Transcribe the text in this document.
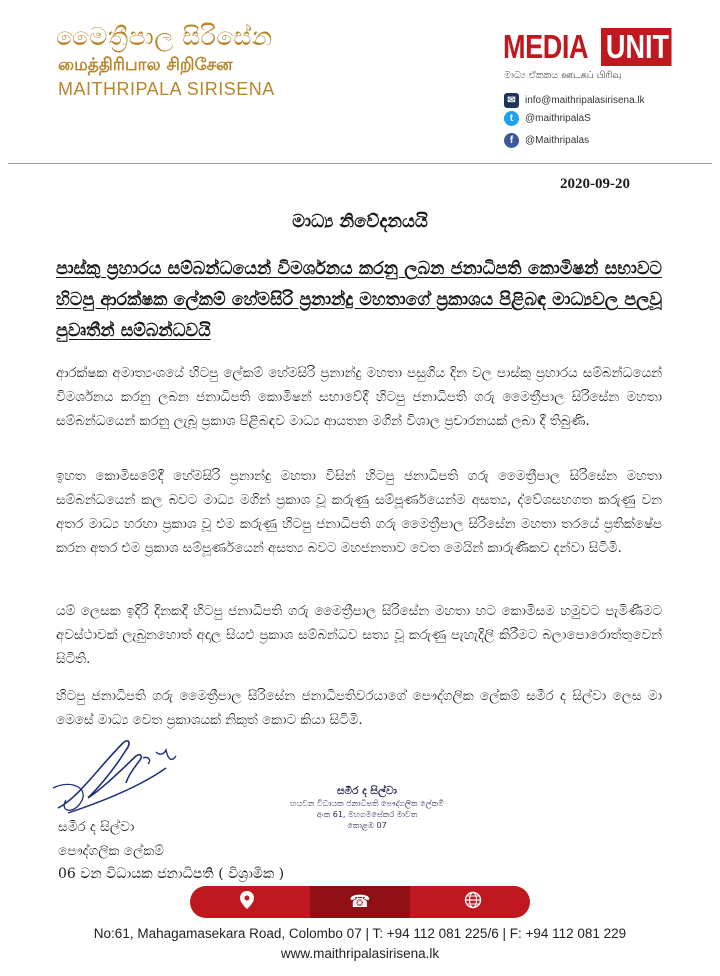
මෛත්‍රීපාල සිරිසේන
மைத்திரிபால சிறிசேன
MAITHRIPALA SIRISENA
MEDIA UNIT
මාධ්‍ය ඒකකය ஊடகப் பிரிவு
✉ info@maithripalasirisena.lk
t	@maithripalaS
f	@Maithripalas
2020-09-20
මාධ්‍ය නිවේදනයයි
පාස්කු ප්‍රහාරය සම්බන්ධයෙන් විමර්ශනය කරනු ලබන ජනාධිපති කොමිෂන් සභාවට හිටපු ආරක්ෂක ලේකම් හේමසිරි ප්‍රනාන්දු මහතාගේ ප්‍රකාශය පිළිබඳ මාධ්‍යවල පලවූ පුවෘතීන් සම්බන්ධවයි
ආරක්ෂක අමාත්‍යංශයේ හිටපු ලේකම් හේමසිරි ප්‍රනාන්දු මහතා පසුගිය දින වල පාස්කු ප්‍රහාරය සම්බන්ධයෙන් විමර්ශනය කරනු ලබන ජනාධිපති කොමිෂන් සභාවේදී හිටපු ජනාධිපති ගරු මෛත්‍රීපාල සිරිසේන මහතා සම්බන්ධයෙන් කරනු ලැබූ ප්‍රකාශ පිළිබඳව මාධ්‍ය ආයතන මගින් විශාල ප්‍රචාරනයක් ලබා දී තිබුණි.
ඉහත කොමිසමේදී හේමසිරි ප්‍රනාන්දු මහතා විසින් හිටපු ජනාධිපති ගරු මෛත්‍රීපාල සිරිසේන මහතා සම්බන්ධයෙන් කල බවට මාධ්‍ය මගින් ප්‍රකාශ වූ කරුණු සම්පූර්ණයෙන්ම අසත්‍ය, ද්වේශසහගත කරුණු වන අතර මාධ්‍ය හරහා ප්‍රකාශ වූ එම කරුණු හිටපු ජනාධිපති ගරු මෛත්‍රීපාල සිරිසේන මහතා තරයේ ප්‍රතික්ෂේප කරන අතර එම ප්‍රකාශ සම්පූර්ණයෙන් අසත්‍ය බවට මහජනතාව වෙත මෙයින් කාරුණිකව දන්වා සිටිමි.
යම් ලෙසක ඉදිරි දිනකදී හිටපු ජනාධිපති ගරු මෛත්‍රීපාල සිරිසේන මහතා හට කොමිසම හමුවට පැමිණීමට අවස්ථාවක් ලැබුනහොත් අදාල සියළු ප්‍රකාශ සම්බන්ධව සත්‍ය වූ කරුණු පැහැදිලි කිරීමට බලාපොරොත්තුවෙන් සිටිති.
හිටපු ජනාධිපති ගරු මෛත්‍රීපාල සිරිසේන ජනාධිපතිවරයාගේ පෞද්ගලික ලේකම් සමීර ද සිල්වා ලෙස මා මෙසේ මාධ්‍ය වෙත ප්‍රකාශයක් නිකුත් කොට කියා සිටිමි.
සමීර ද සිල්වා
හයවන විධායක ජනාධිපති පෞද්ගලික ලේකම්
අංක 61, මහගමසේකර මාවත
කොළඹ 07
සමීර ද සිල්වා
පෞද්ගලික ලේකම්
06 වන විධායක ජනාධිපති ( විශ්‍රාමික )
☎
No:61, Mahagamasekara Road, Colombo 07 | T: +94 112 081 225/6 | F: +94 112 081 229
www.maithripalasirisena.lk
